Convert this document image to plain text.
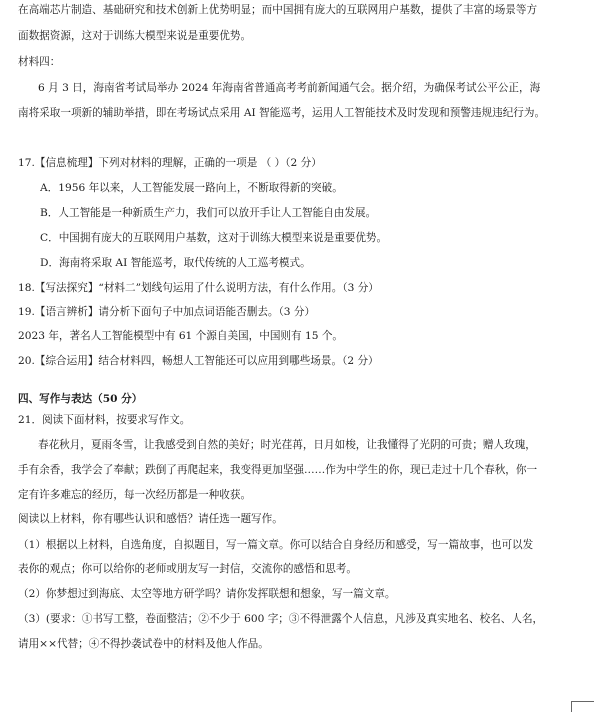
在高端芯片制造、基础研究和技术创新上优势明显；而中国拥有庞大的互联网用户基数，提供了丰富的场景等方
面数据资源，这对于训练大模型来说是重要优势。
材料四：
6 月 3 日，海南省考试局举办 2024 年海南省普通高考考前新闻通气会。据介绍，为确保考试公平公正，海
南将采取一项新的辅助举措，即在考场试点采用 AI 智能巡考，运用人工智能技术及时发现和预警违规违纪行为。
17.【信息梳理】下列对材料的理解，正确的一项是 （ ）（2 分）
A．1956 年以来，人工智能发展一路向上，不断取得新的突破。
B．人工智能是一种新质生产力，我们可以放开手让人工智能自由发展。
C．中国拥有庞大的互联网用户基数，这对于训练大模型来说是重要优势。
D．海南将采取 AI 智能巡考，取代传统的人工巡考模式。
18.【写法探究】“材料二”划线句运用了什么说明方法，有什么作用。（3 分）
19.【语言辨析】请分析下面句子中加点词语能否删去。（3 分）
2023 年，著名人工智能模型中有 61 个源自美国，中国则有 15 个。
20.【综合运用】结合材料四，畅想人工智能还可以应用到哪些场景。（2 分）
四、写作与表达（50 分）
21．阅读下面材料，按要求写作文。
春花秋月，夏雨冬雪，让我感受到自然的美好；时光荏苒，日月如梭，让我懂得了光阴的可贵；赠人玫瑰，
手有余香，我学会了奉献；跌倒了再爬起来，我变得更加坚强……作为中学生的你，现已走过十几个春秋，你一
定有许多难忘的经历，每一次经历都是一种收获。
阅读以上材料，你有哪些认识和感悟？请任选一题写作。
（1）根据以上材料，自选角度，自拟题目，写一篇文章。你可以结合自身经历和感受，写一篇故事，也可以发
表你的观点；你可以给你的老师或朋友写一封信，交流你的感悟和思考。
（2）你梦想过到海底、太空等地方研学吗？请你发挥联想和想象，写一篇文章。
（3）(要求：①书写工整，卷面整洁；②不少于 600 字；③不得泄露个人信息，凡涉及真实地名、校名、人名，
请用××代替；④不得抄袭试卷中的材料及他人作品。
